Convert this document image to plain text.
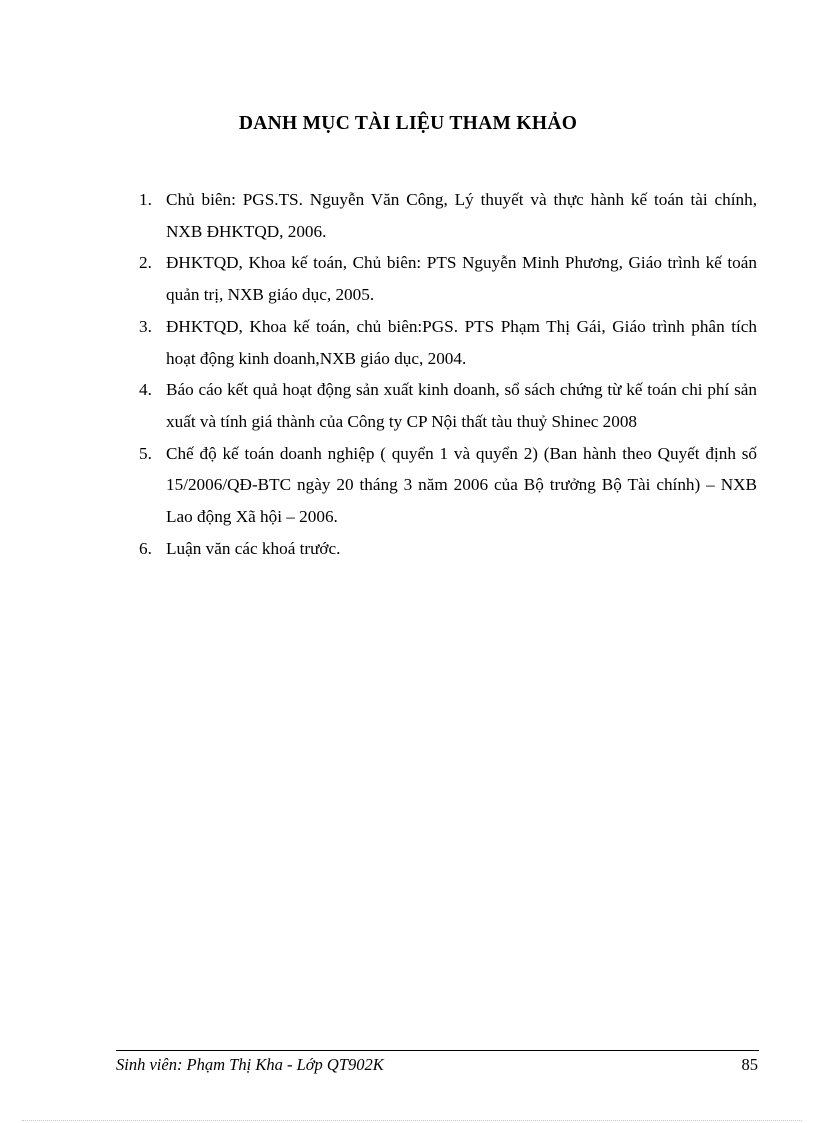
DANH MỤC TÀI LIỆU THAM KHẢO
1. Chủ biên: PGS.TS. Nguyễn Văn Công, Lý thuyết và thực hành kế toán tài chính, NXB ĐHKTQD, 2006.
2. ĐHKTQD, Khoa kế toán, Chủ biên: PTS Nguyễn Minh Phương, Giáo trình kế toán quản trị, NXB giáo dục, 2005.
3. ĐHKTQD, Khoa kế toán, chủ biên:PGS. PTS Phạm Thị Gái, Giáo trình phân tích hoạt động kinh doanh,NXB giáo dục, 2004.
4. Báo cáo kết quả hoạt động sản xuất kinh doanh, sổ sách chứng từ kế toán chi phí sản xuất và tính giá thành của Công ty CP Nội thất tàu thuỷ Shinec 2008
5. Chế độ kế toán doanh nghiệp ( quyển 1 và quyển 2) (Ban hành theo Quyết định số 15/2006/QĐ-BTC ngày 20 tháng 3 năm 2006 của Bộ trưởng Bộ Tài chính) – NXB Lao động Xã hội – 2006.
6. Luận văn các khoá trước.
Sinh viên: Phạm Thị Kha - Lớp QT902K	85
